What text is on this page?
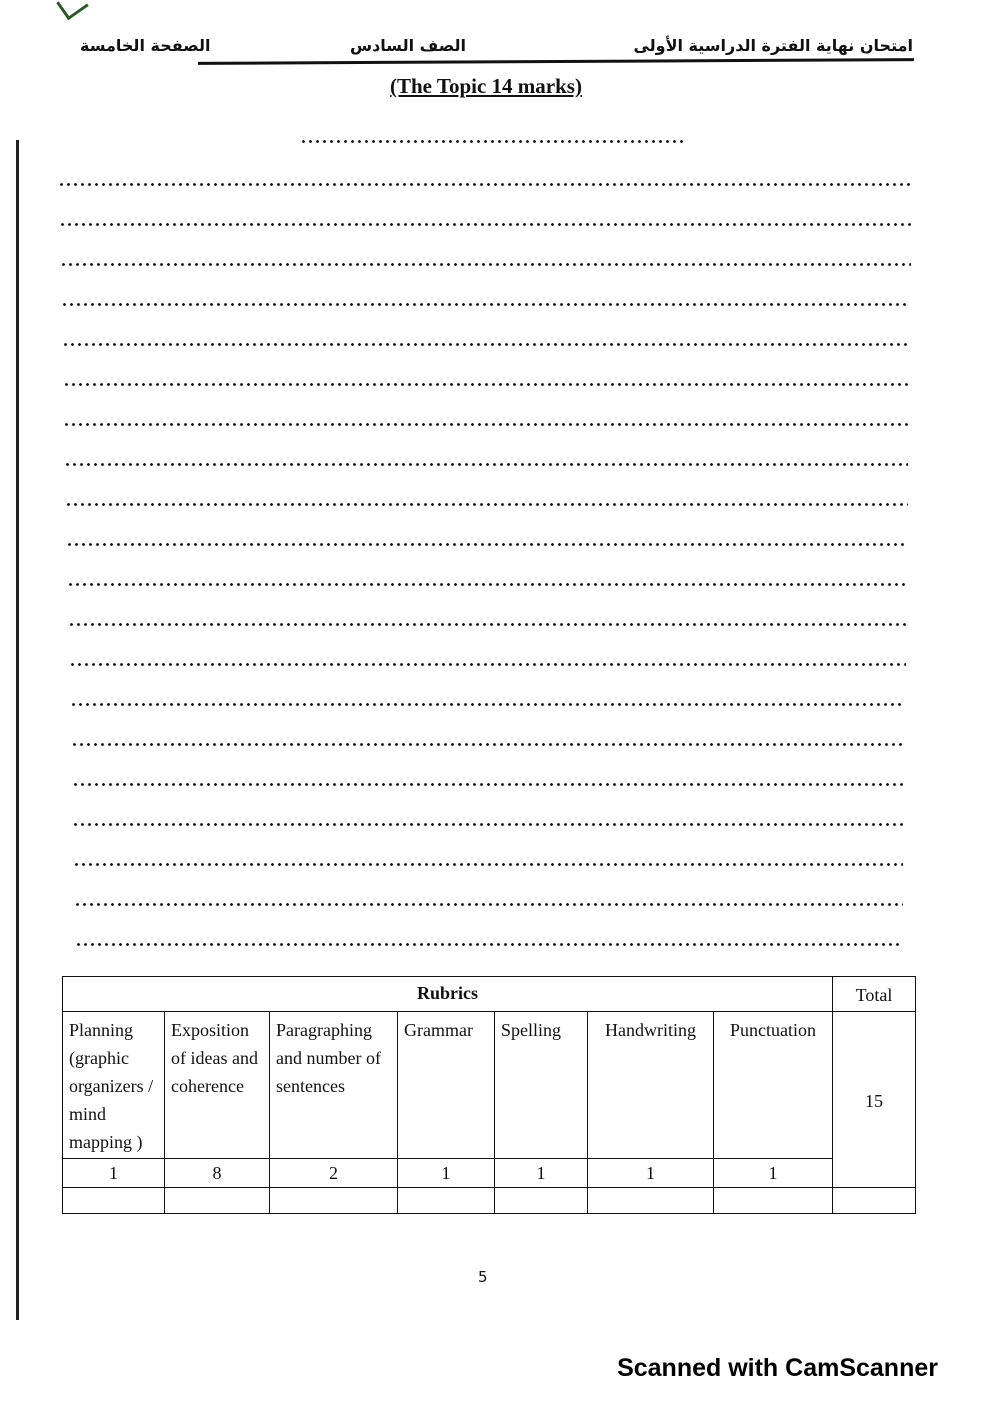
الصفحة الخامسة	الصف السادس	امتحان نهاية الفترة الدراسية الأولى
(The Topic 14 marks)
Rubrics							Total
Planning (graphic organizers / mind mapping )	Exposition of ideas and coherence	Paragraphing and number of sentences	Grammar	Spelling	Handwriting	Punctuation	15
1	8	2	1	1	1	1	

5
Scanned with CamScanner
